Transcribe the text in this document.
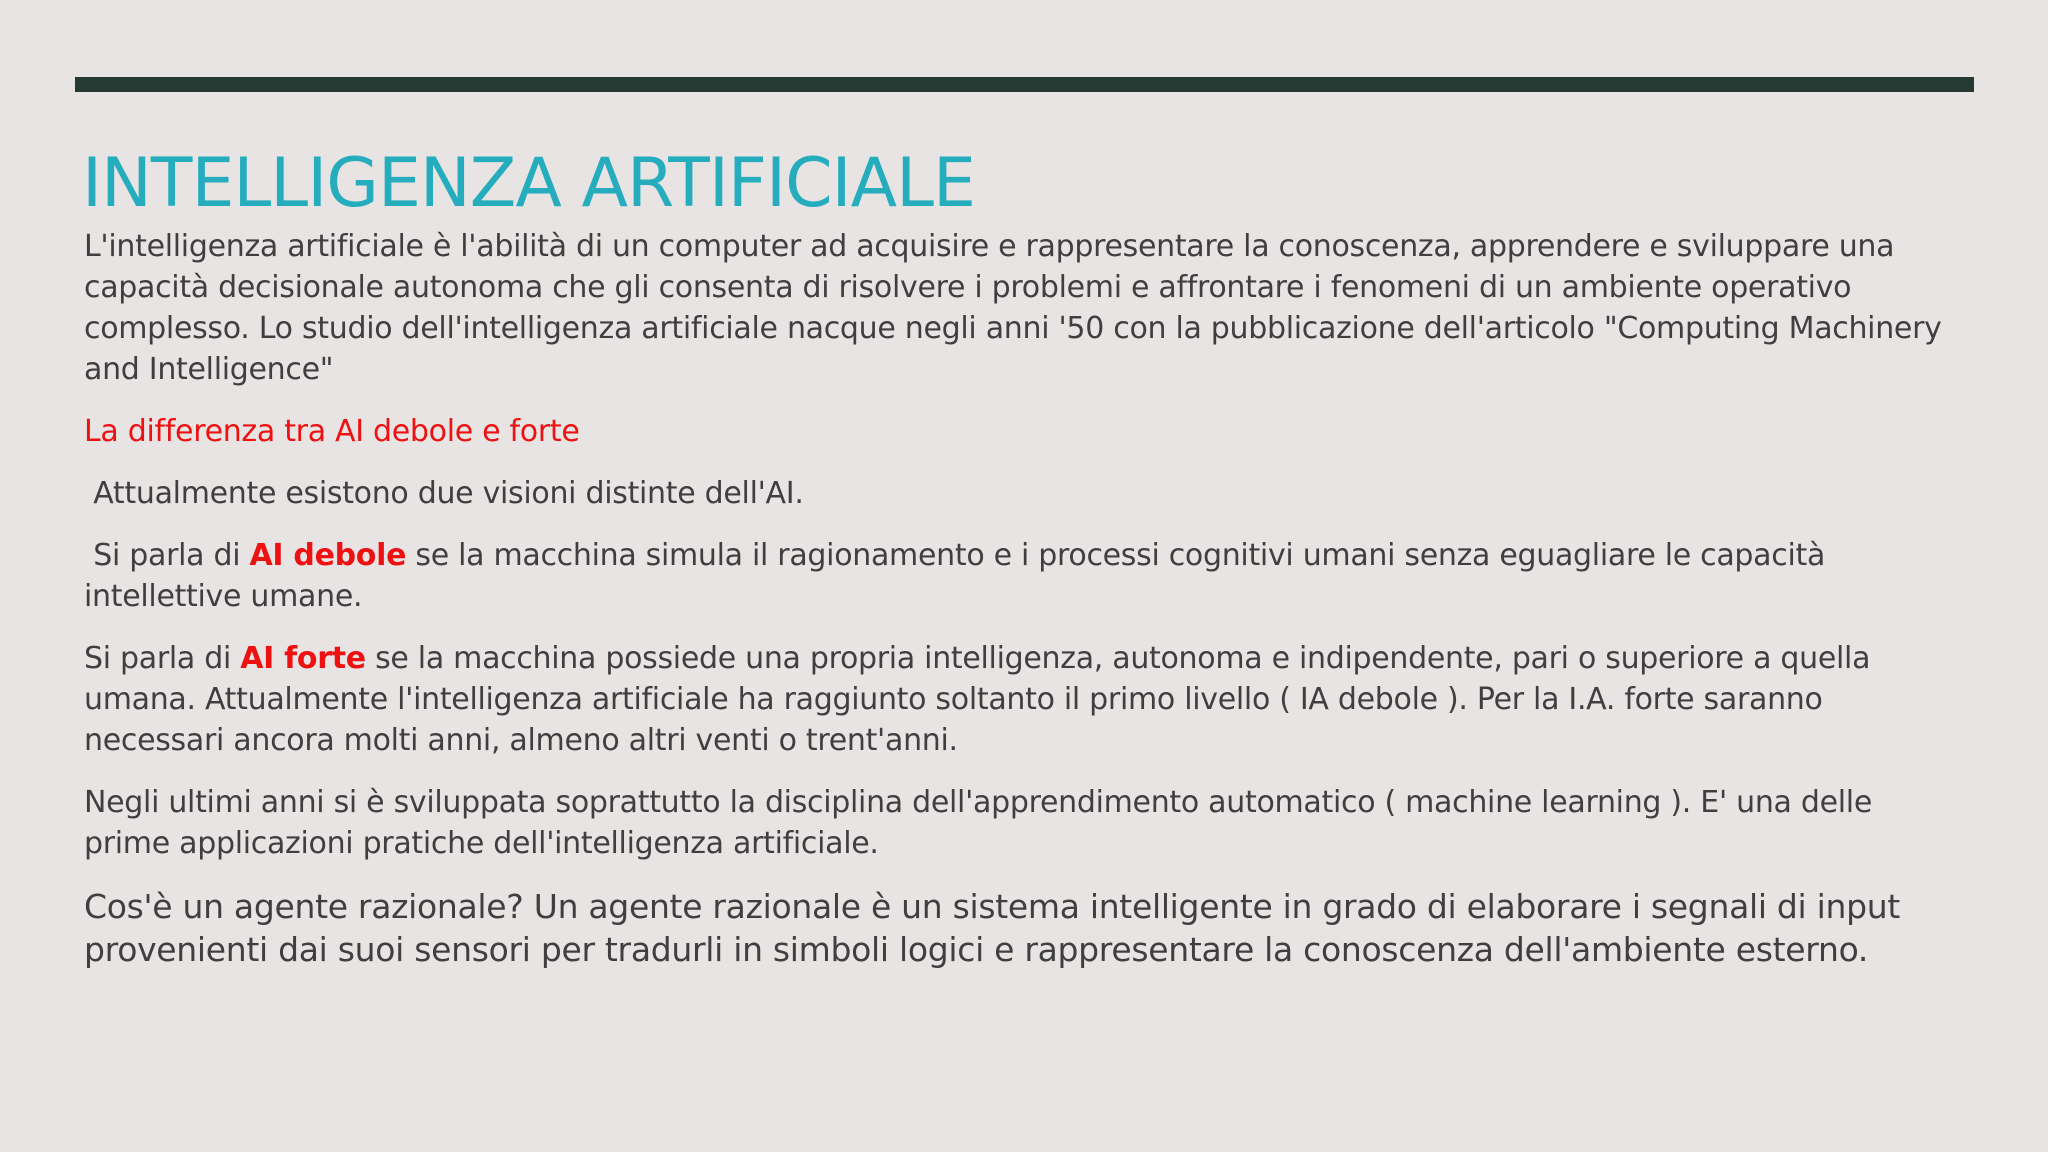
INTELLIGENZA ARTIFICIALE

L'intelligenza artificiale è l'abilità di un computer ad acquisire e rappresentare la conoscenza, apprendere e sviluppare una capacità decisionale autonoma che gli consenta di risolvere i problemi e affrontare i fenomeni di un ambiente operativo complesso. Lo studio dell'intelligenza artificiale nacque negli anni '50 con la pubblicazione dell'articolo "Computing Machinery and Intelligence"

La differenza tra AI debole e forte

Attualmente esistono due visioni distinte dell'AI.

Si parla di AI debole se la macchina simula il ragionamento e i processi cognitivi umani senza eguagliare le capacità intellettive umane.

Si parla di AI forte se la macchina possiede una propria intelligenza, autonoma e indipendente, pari o superiore a quella umana. Attualmente l'intelligenza artificiale ha raggiunto soltanto il primo livello ( IA debole ). Per la I.A. forte saranno necessari ancora molti anni, almeno altri venti o trent'anni.

Negli ultimi anni si è sviluppata soprattutto la disciplina dell'apprendimento automatico ( machine learning ). E' una delle prime applicazioni pratiche dell'intelligenza artificiale.

Cos'è un agente razionale? Un agente razionale è un sistema intelligente in grado di elaborare i segnali di input provenienti dai suoi sensori per tradurli in simboli logici e rappresentare la conoscenza dell'ambiente esterno.
